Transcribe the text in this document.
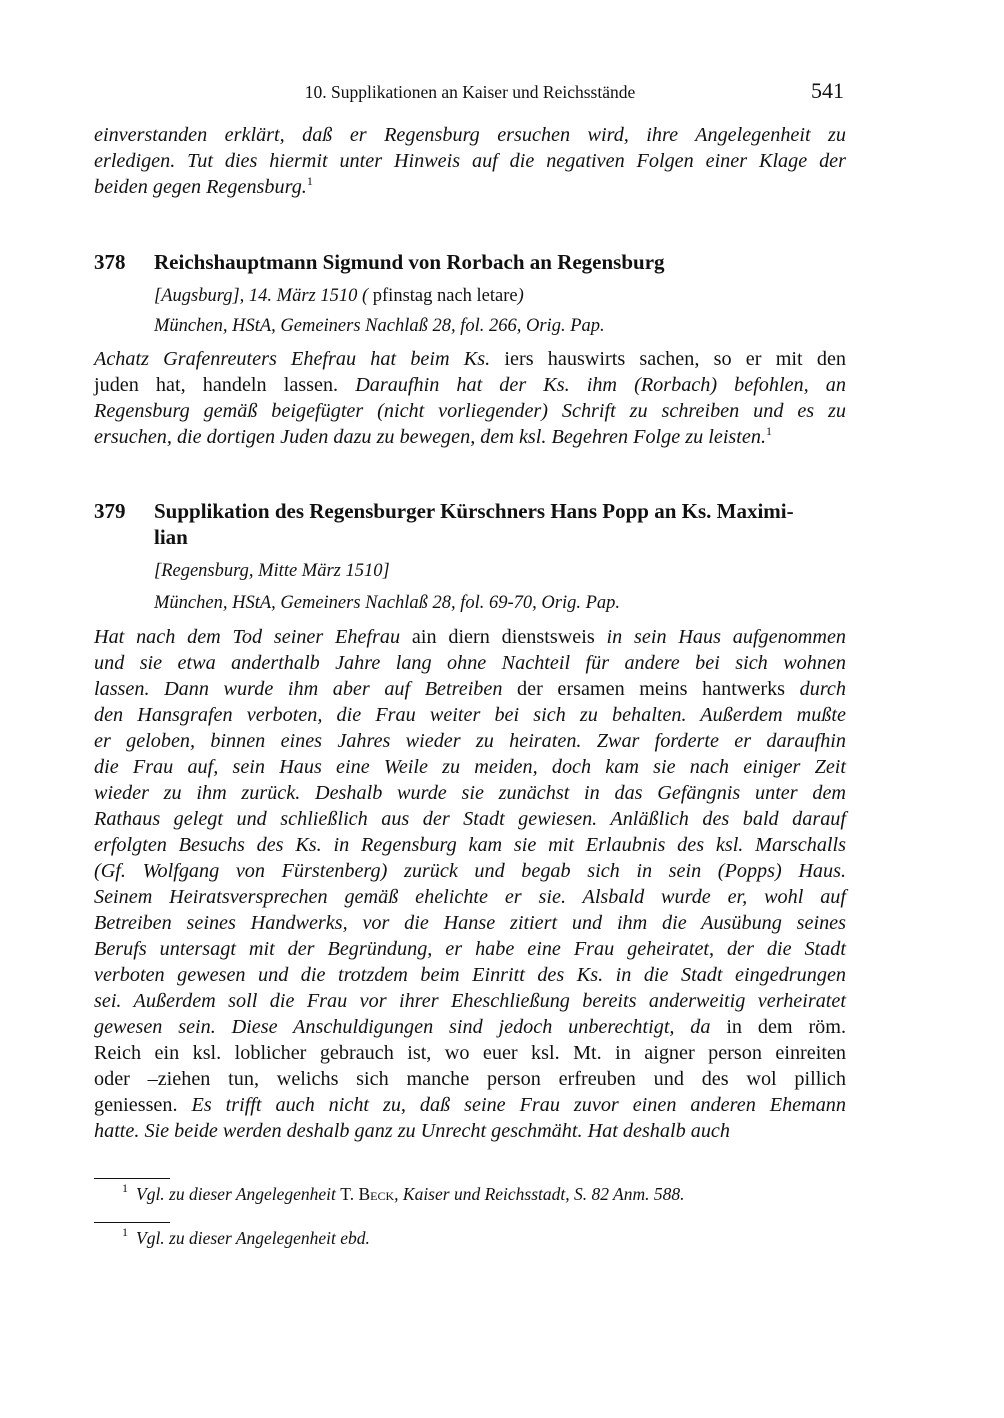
10. Supplikationen an Kaiser und Reichsstände	541
einverstanden erklärt, daß er Regensburg ersuchen wird, ihre Angelegenheit zu
erledigen. Tut dies hiermit unter Hinweis auf die negativen Folgen einer Klage der
beiden gegen Regensburg.$^1$
378 Reichshauptmann Sigmund von Rorbach an Regensburg
[Augsburg], 14. März 1510 ( pfinstag nach letare)
München, HStA, Gemeiners Nachlaß 28, fol. 266, Orig. Pap.
Achatz Grafenreuters Ehefrau hat beim Ks. iers hauswirts sachen, so er mit den
juden hat, handeln lassen. Daraufhin hat der Ks. ihm (Rorbach) befohlen, an
Regensburg gemäß beigefügter (nicht vorliegender) Schrift zu schreiben und es zu
ersuchen, die dortigen Juden dazu zu bewegen, dem ksl. Begehren Folge zu leisten.$^1$
379 Supplikation des Regensburger Kürschners Hans Popp an Ks. Maximi-
lian
[Regensburg, Mitte März 1510]
München, HStA, Gemeiners Nachlaß 28, fol. 69-70, Orig. Pap.
Hat nach dem Tod seiner Ehefrau ain diern dienstsweis in sein Haus aufgenommen
und sie etwa anderthalb Jahre lang ohne Nachteil für andere bei sich wohnen
lassen. Dann wurde ihm aber auf Betreiben der ersamen meins hantwerks durch
den Hansgrafen verboten, die Frau weiter bei sich zu behalten. Außerdem mußte
er geloben, binnen eines Jahres wieder zu heiraten. Zwar forderte er daraufhin
die Frau auf, sein Haus eine Weile zu meiden, doch kam sie nach einiger Zeit
wieder zu ihm zurück. Deshalb wurde sie zunächst in das Gefängnis unter dem
Rathaus gelegt und schließlich aus der Stadt gewiesen. Anläßlich des bald darauf
erfolgten Besuchs des Ks. in Regensburg kam sie mit Erlaubnis des ksl. Marschalls
(Gf. Wolfgang von Fürstenberg) zurück und begab sich in sein (Popps) Haus.
Seinem Heiratsversprechen gemäß ehelichte er sie. Alsbald wurde er, wohl auf
Betreiben seines Handwerks, vor die Hanse zitiert und ihm die Ausübung seines
Berufs untersagt mit der Begründung, er habe eine Frau geheiratet, der die Stadt
verboten gewesen und die trotzdem beim Einritt des Ks. in die Stadt eingedrungen
sei. Außerdem soll die Frau vor ihrer Eheschließung bereits anderweitig verheiratet
gewesen sein. Diese Anschuldigungen sind jedoch unberechtigt, da in dem röm.
Reich ein ksl. loblicher gebrauch ist, wo euer ksl. Mt. in aigner person einreiten
oder –ziehen tun, welichs sich manche person erfreuben und des wol pillich
geniessen. Es trifft auch nicht zu, daß seine Frau zuvor einen anderen Ehemann
hatte. Sie beide werden deshalb ganz zu Unrecht geschmäht. Hat deshalb auch
$^1$ Vgl. zu dieser Angelegenheit T. Beck, Kaiser und Reichsstadt, S. 82 Anm. 588.
$^1$ Vgl. zu dieser Angelegenheit ebd.
